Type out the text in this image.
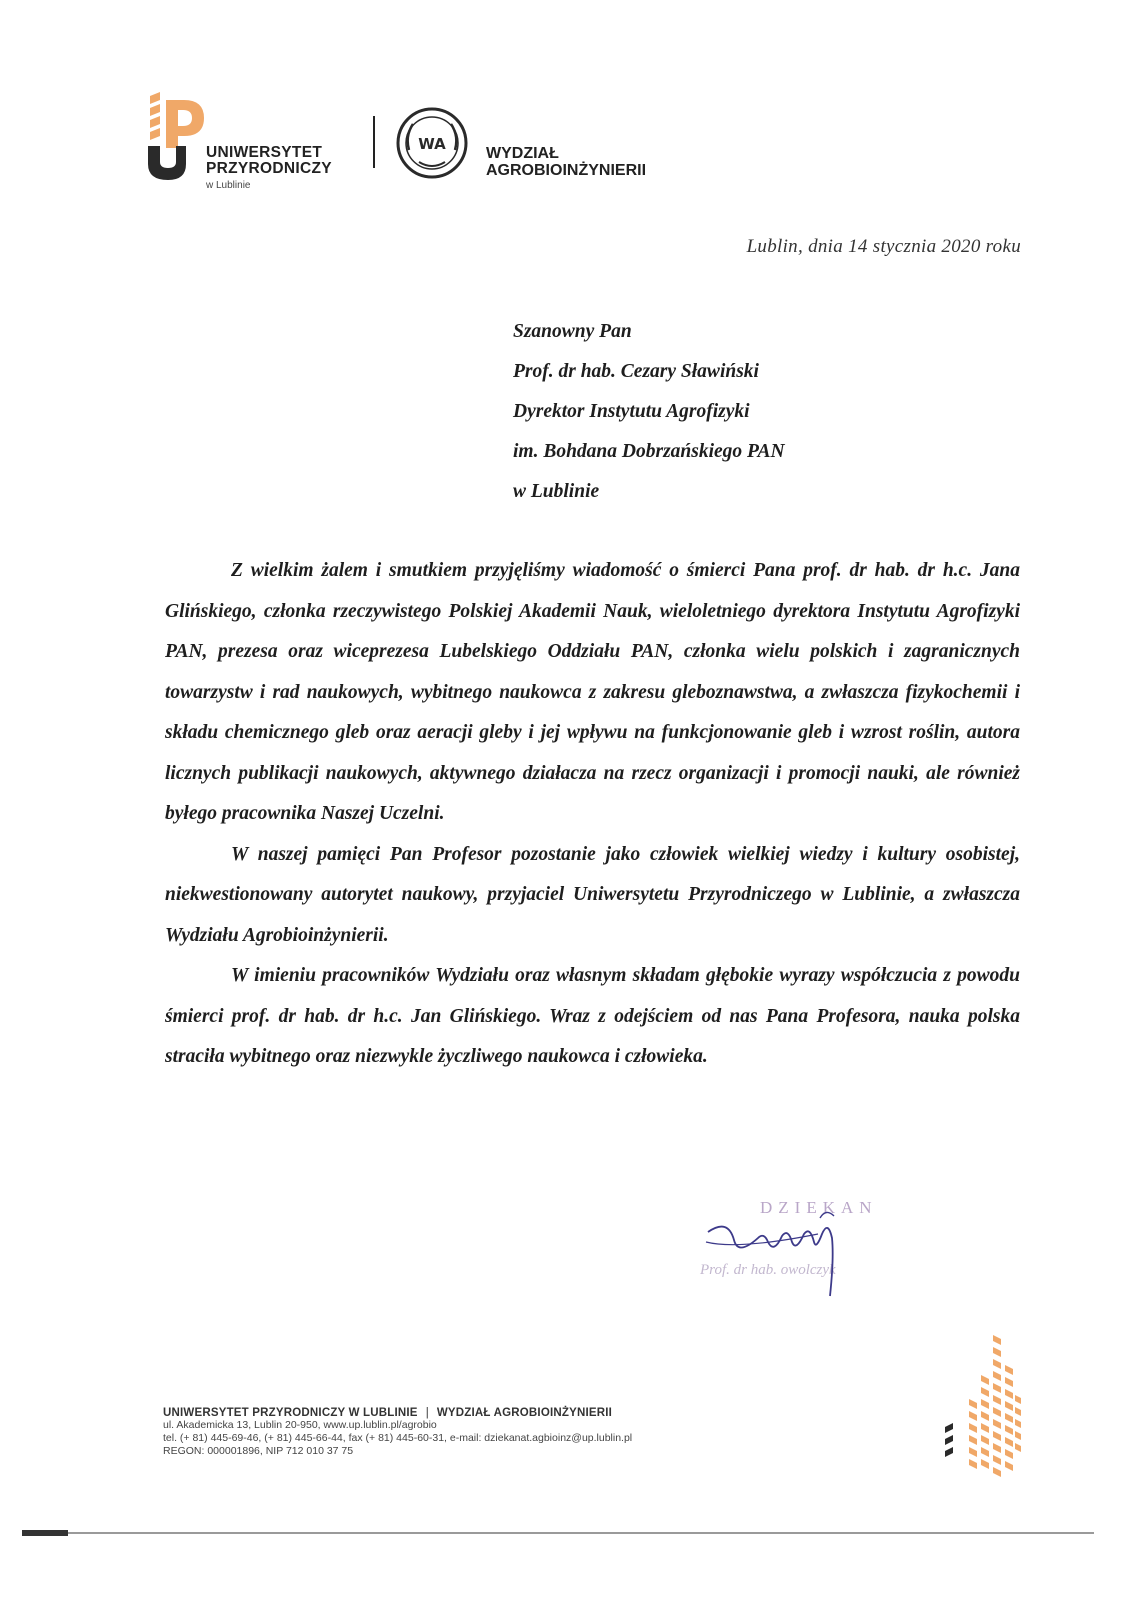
UNIWERSYTET
PRZYRODNICZY
w Lublinie
WA
WYDZIAŁ
AGROBIOINŻYNIERII
Lublin, dnia 14 stycznia 2020 roku
Szanowny Pan
Prof. dr hab. Cezary Sławiński
Dyrektor Instytutu Agrofizyki
im. Bohdana Dobrzańskiego PAN
w Lublinie

Z wielkim żalem i smutkiem przyjęliśmy wiadomość o śmierci Pana prof. dr hab. dr h.c. Jana Glińskiego, członka rzeczywistego Polskiej Akademii Nauk, wieloletniego dyrektora Instytutu Agrofizyki PAN, prezesa oraz wiceprezesa Lubelskiego Oddziału PAN, członka wielu polskich i zagranicznych towarzystw i rad naukowych, wybitnego naukowca z zakresu gleboznawstwa, a zwłaszcza fizykochemii i składu chemicznego gleb oraz aeracji gleby i jej wpływu na funkcjonowanie gleb i wzrost roślin, autora licznych publikacji naukowych, aktywnego działacza na rzecz organizacji i promocji nauki, ale również byłego pracownika Naszej Uczelni.

W naszej pamięci Pan Profesor pozostanie jako człowiek wielkiej wiedzy i kultury osobistej, niekwestionowany autorytet naukowy, przyjaciel Uniwersytetu Przyrodniczego w Lublinie, a zwłaszcza Wydziału Agrobioinżynierii.

W imieniu pracowników Wydziału oraz własnym składam głębokie wyrazy współczucia z powodu śmierci prof. dr hab. dr h.c. Jan Glińskiego. Wraz z odejściem od nas Pana Profesora, nauka polska straciła wybitnego oraz niezwykle życzliwego naukowca i człowieka.

DZIEKAN
Prof. dr hab. owolczyk
UNIWERSYTET PRZYRODNICZY W LUBLINIE | WYDZIAŁ AGROBIOINŻYNIERII
ul. Akademicka 13, Lublin 20-950, www.up.lublin.pl/agrobio
tel. (+ 81) 445-69-46, (+ 81) 445-66-44, fax (+ 81) 445-60-31, e-mail: dziekanat.agbioinz@up.lublin.pl
REGON: 000001896, NIP 712 010 37 75
